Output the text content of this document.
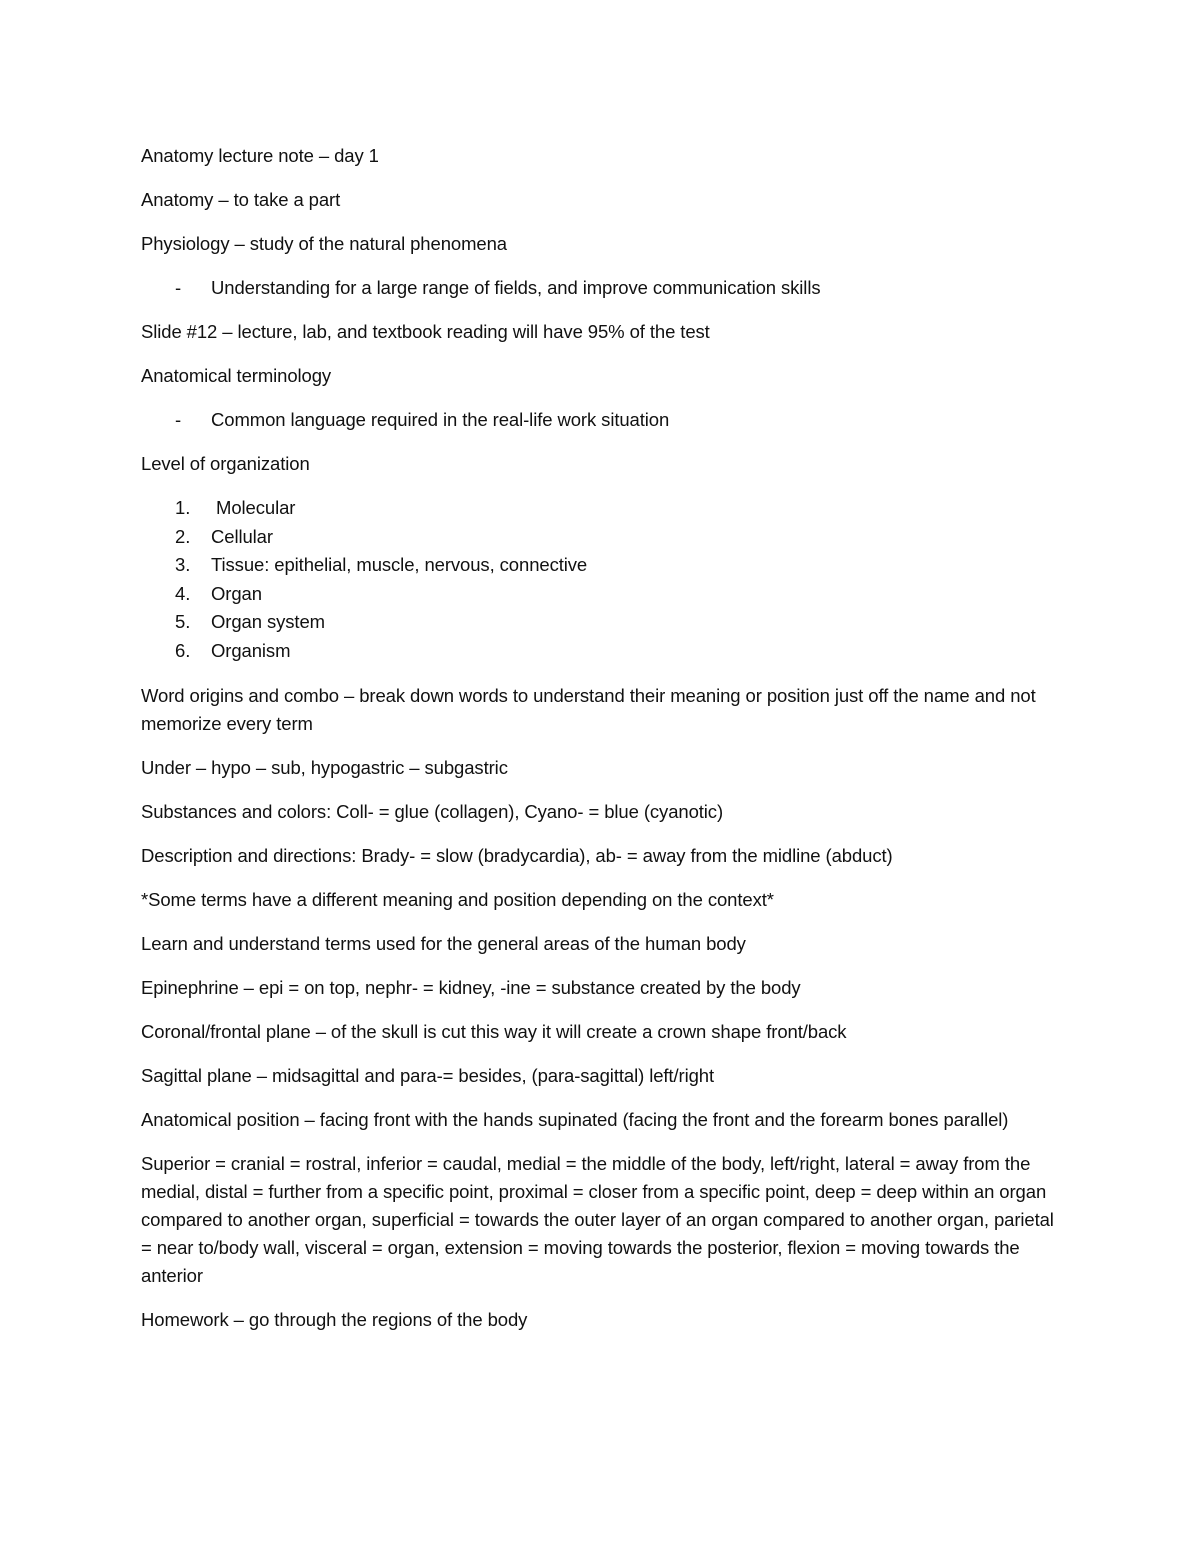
Anatomy lecture note – day 1

Anatomy – to take a part

Physiology – study of the natural phenomena

- Understanding for a large range of fields, and improve communication skills

Slide #12 – lecture, lab, and textbook reading will have 95% of the test

Anatomical terminology

- Common language required in the real-life work situation

Level of organization

1. Molecular
2. Cellular
3. Tissue: epithelial, muscle, nervous, connective
4. Organ
5. Organ system
6. Organism

Word origins and combo – break down words to understand their meaning or position just off the name and not memorize every term

Under – hypo – sub, hypogastric – subgastric

Substances and colors: Coll- = glue (collagen), Cyano- = blue (cyanotic)

Description and directions: Brady- = slow (bradycardia), ab- = away from the midline (abduct)

*Some terms have a different meaning and position depending on the context*

Learn and understand terms used for the general areas of the human body

Epinephrine – epi = on top, nephr- = kidney, -ine = substance created by the body

Coronal/frontal plane – of the skull is cut this way it will create a crown shape front/back

Sagittal plane – midsagittal and para-= besides, (para-sagittal) left/right

Anatomical position – facing front with the hands supinated (facing the front and the forearm bones parallel)

Superior = cranial = rostral, inferior = caudal, medial = the middle of the body, left/right, lateral = away from the medial, distal = further from a specific point, proximal = closer from a specific point, deep = deep within an organ compared to another organ, superficial = towards the outer layer of an organ compared to another organ, parietal = near to/body wall, visceral = organ, extension = moving towards the posterior, flexion = moving towards the anterior

Homework – go through the regions of the body
